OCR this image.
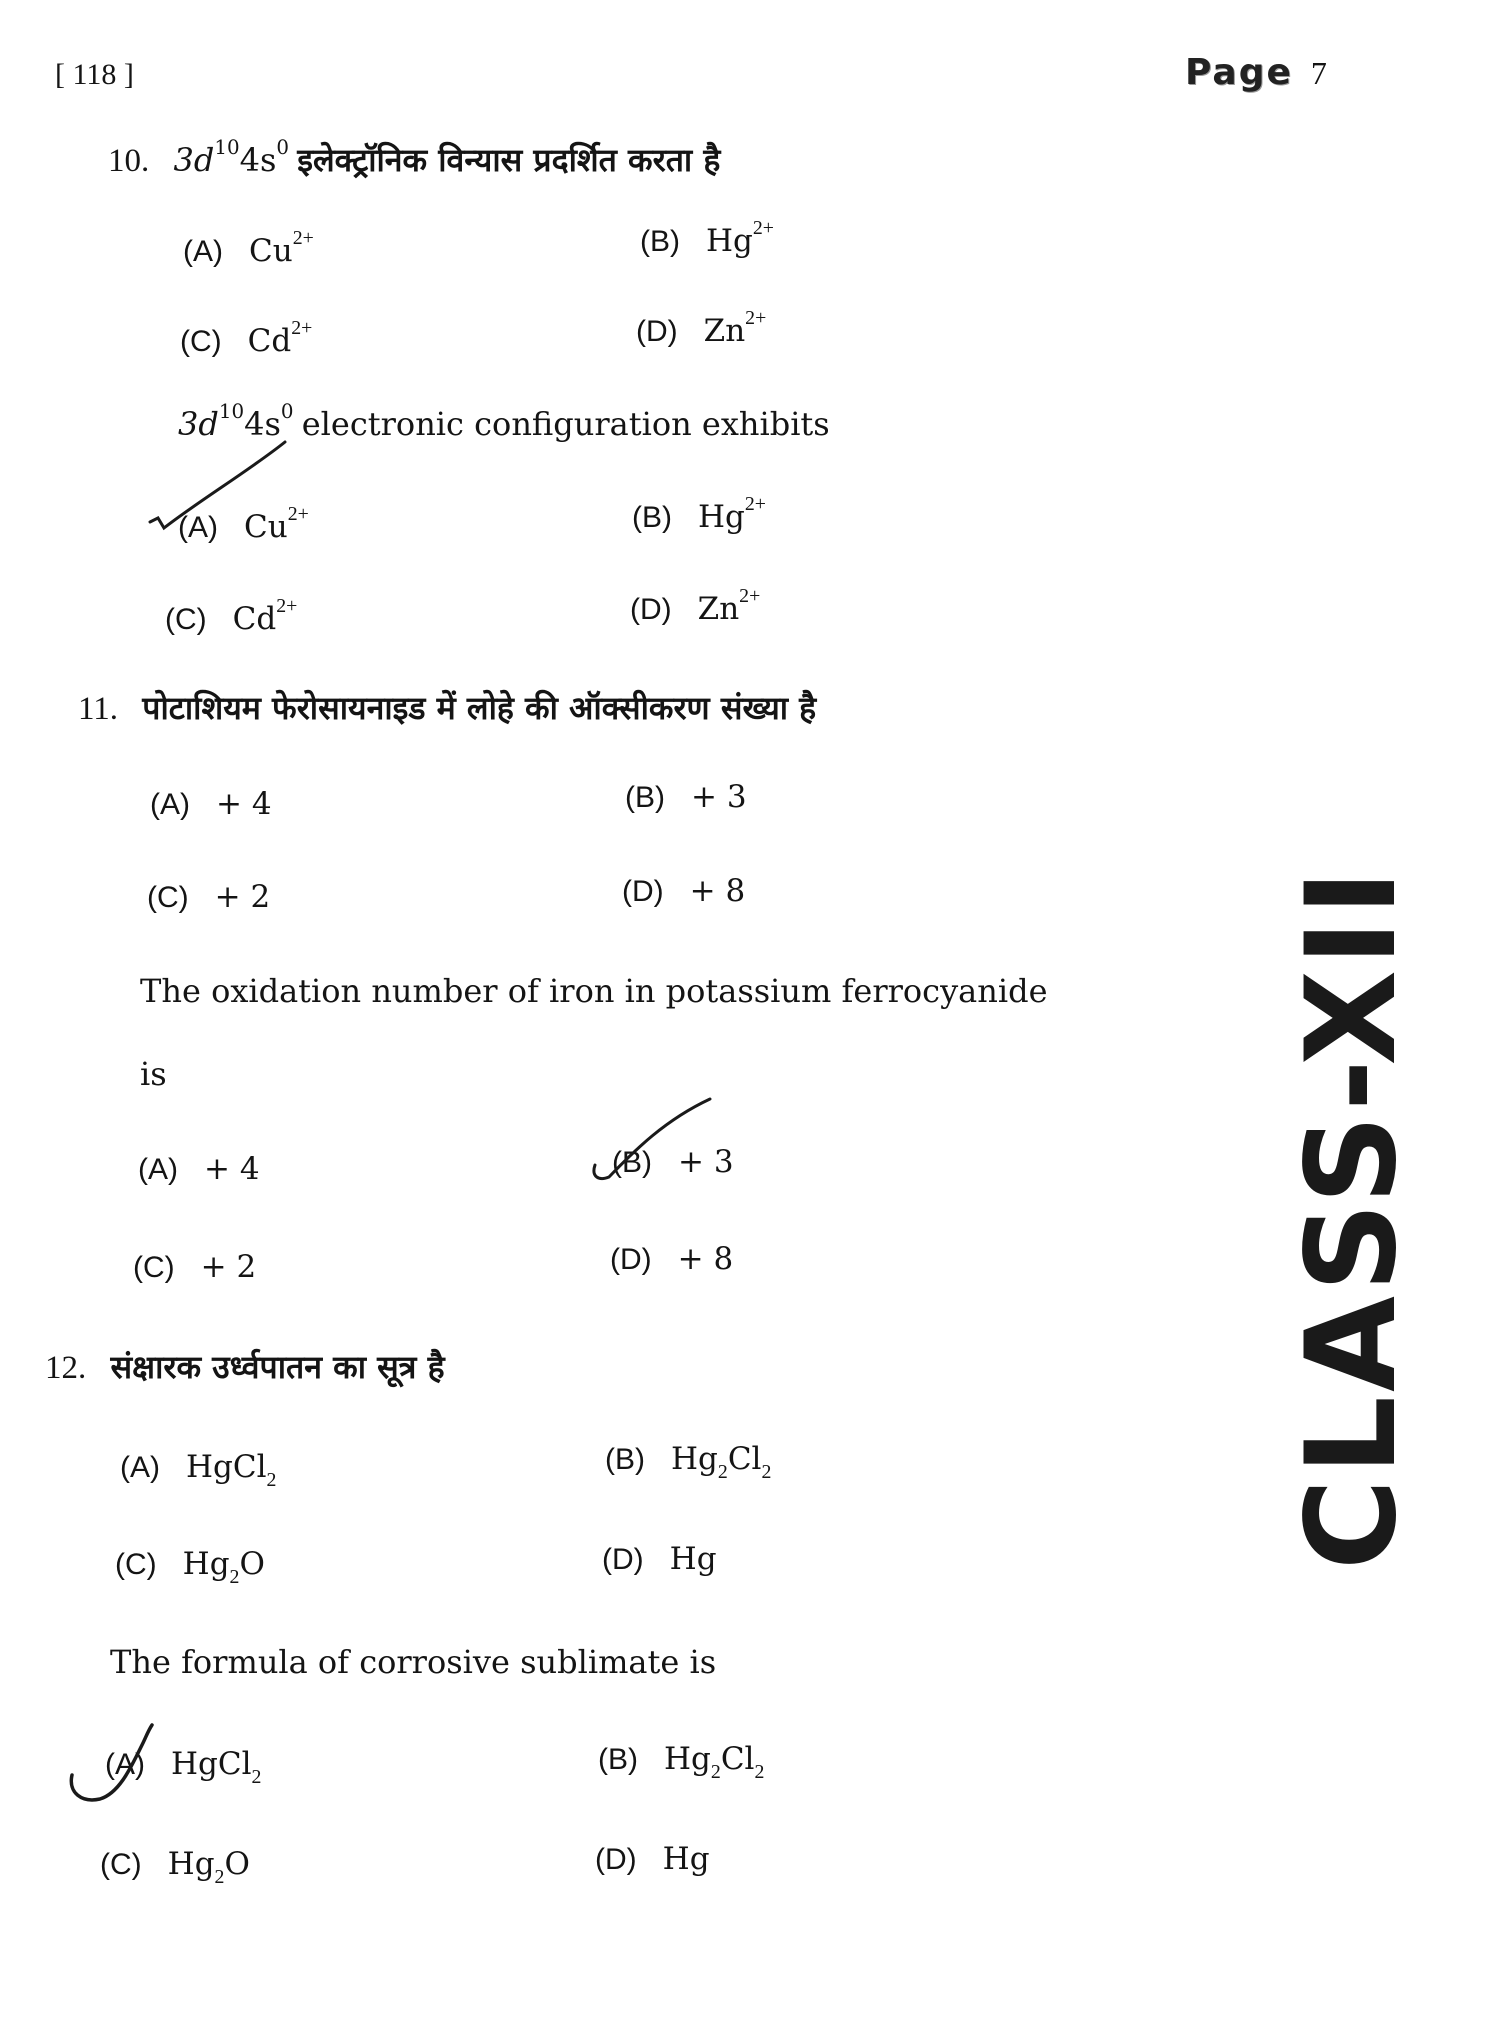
[ 118 ]	Page 7
CLASS-XII
10. $3d^{10}4s^0$ इलेक्ट्रॉनिक विन्यास प्रदर्शित करता है
(A) $Cu^{2+}$	(B) $Hg^{2+}$
(C) $Cd^{2+}$	(D) $Zn^{2+}$
$3d^{10}4s^0$ electronic configuration exhibits
(A) $Cu^{2+}$	(B) $Hg^{2+}$
(C) $Cd^{2+}$	(D) $Zn^{2+}$
11. पोटाशियम फेरोसायनाइड में लोहे की ऑक्सीकरण संख्या है
(A) + 4	(B) + 3
(C) + 2	(D) + 8
The oxidation number of iron in potassium ferrocyanide
is
(A) + 4	(B) + 3
(C) + 2	(D) + 8
12. संक्षारक उर्ध्वपातन का सूत्र है
(A) HgCl$_2$
(B) $Hg_2Cl_2$
(C) $Hg_2O$	(D) Hg
The formula of corrosive sublimate is
(A) HgCl$_2$
(B) $Hg_2Cl_2$
(C) $Hg_2O$	(D) Hg
